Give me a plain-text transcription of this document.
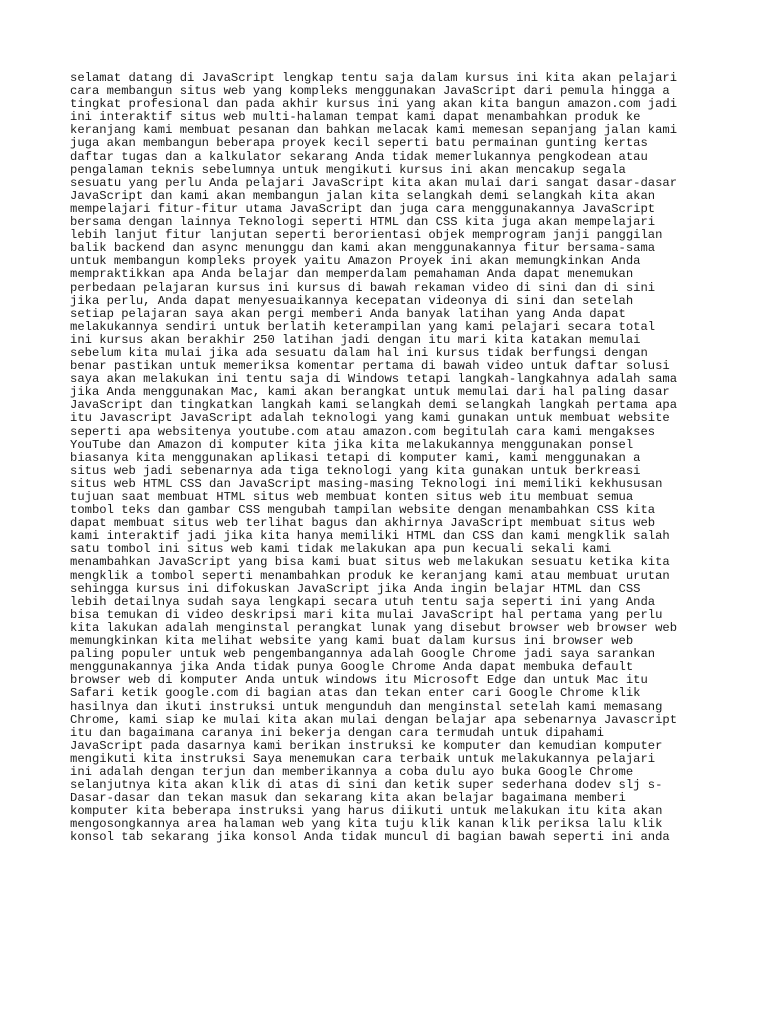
selamat datang di JavaScript lengkap tentu saja dalam kursus ini kita akan pelajari
cara membangun situs web yang kompleks menggunakan JavaScript dari pemula hingga a
tingkat profesional dan pada akhir kursus ini yang akan kita bangun amazon.com jadi
ini interaktif situs web multi-halaman tempat kami dapat menambahkan produk ke
keranjang kami membuat pesanan dan bahkan melacak kami memesan sepanjang jalan kami
juga akan membangun beberapa proyek kecil seperti batu permainan gunting kertas
daftar tugas dan a kalkulator sekarang Anda tidak memerlukannya pengkodean atau
pengalaman teknis sebelumnya untuk mengikuti kursus ini akan mencakup segala
sesuatu yang perlu Anda pelajari JavaScript kita akan mulai dari sangat dasar-dasar
JavaScript dan kami akan membangun jalan kita selangkah demi selangkah kita akan
mempelajari fitur-fitur utama JavaScript dan juga cara menggunakannya JavaScript
bersama dengan lainnya Teknologi seperti HTML dan CSS kita juga akan mempelajari
lebih lanjut fitur lanjutan seperti berorientasi objek memprogram janji panggilan
balik backend dan async menunggu dan kami akan menggunakannya fitur bersama-sama
untuk membangun kompleks proyek yaitu Amazon Proyek ini akan memungkinkan Anda
mempraktikkan apa Anda belajar dan memperdalam pemahaman Anda dapat menemukan
perbedaan pelajaran kursus ini kursus di bawah rekaman video di sini dan di sini
jika perlu, Anda dapat menyesuaikannya kecepatan videonya di sini dan setelah
setiap pelajaran saya akan pergi memberi Anda banyak latihan yang Anda dapat
melakukannya sendiri untuk berlatih keterampilan yang kami pelajari secara total
ini kursus akan berakhir 250 latihan jadi dengan itu mari kita katakan memulai
sebelum kita mulai jika ada sesuatu dalam hal ini kursus tidak berfungsi dengan
benar pastikan untuk memeriksa komentar pertama di bawah video untuk daftar solusi
saya akan melakukan ini tentu saja di Windows tetapi langkah-langkahnya adalah sama
jika Anda menggunakan Mac, kami akan berangkat untuk memulai dari hal paling dasar
JavaScript dan tingkatkan langkah kami selangkah demi selangkah langkah pertama apa
itu Javascript JavaScript adalah teknologi yang kami gunakan untuk membuat website
seperti apa websitenya youtube.com atau amazon.com begitulah cara kami mengakses
YouTube dan Amazon di komputer kita jika kita melakukannya menggunakan ponsel
biasanya kita menggunakan aplikasi tetapi di komputer kami, kami menggunakan a
situs web jadi sebenarnya ada tiga teknologi yang kita gunakan untuk berkreasi
situs web HTML CSS dan JavaScript masing-masing Teknologi ini memiliki kekhususan
tujuan saat membuat HTML situs web membuat konten situs web itu membuat semua
tombol teks dan gambar CSS mengubah tampilan website dengan menambahkan CSS kita
dapat membuat situs web terlihat bagus dan akhirnya JavaScript membuat situs web
kami interaktif jadi jika kita hanya memiliki HTML dan CSS dan kami mengklik salah
satu tombol ini situs web kami tidak melakukan apa pun kecuali sekali kami
menambahkan JavaScript yang bisa kami buat situs web melakukan sesuatu ketika kita
mengklik a tombol seperti menambahkan produk ke keranjang kami atau membuat urutan
sehingga kursus ini difokuskan JavaScript jika Anda ingin belajar HTML dan CSS
lebih detailnya sudah saya lengkapi secara utuh tentu saja seperti ini yang Anda
bisa temukan di video deskripsi mari kita mulai JavaScript hal pertama yang perlu
kita lakukan adalah menginstal perangkat lunak yang disebut browser web browser web
memungkinkan kita melihat website yang kami buat dalam kursus ini browser web
paling populer untuk web pengembangannya adalah Google Chrome jadi saya sarankan
menggunakannya jika Anda tidak punya Google Chrome Anda dapat membuka default
browser web di komputer Anda untuk windows itu Microsoft Edge dan untuk Mac itu
Safari ketik google.com di bagian atas dan tekan enter cari Google Chrome klik
hasilnya dan ikuti instruksi untuk mengunduh dan menginstal setelah kami memasang
Chrome, kami siap ke mulai kita akan mulai dengan belajar apa sebenarnya Javascript
itu dan bagaimana caranya ini bekerja dengan cara termudah untuk dipahami
JavaScript pada dasarnya kami berikan instruksi ke komputer dan kemudian komputer
mengikuti kita instruksi Saya menemukan cara terbaik untuk melakukannya pelajari
ini adalah dengan terjun dan memberikannya a coba dulu ayo buka Google Chrome
selanjutnya kita akan klik di atas di sini dan ketik super sederhana dodev slj s-
Dasar-dasar dan tekan masuk dan sekarang kita akan belajar bagaimana memberi
komputer kita beberapa instruksi yang harus diikuti untuk melakukan itu kita akan
mengosongkannya area halaman web yang kita tuju klik kanan klik periksa lalu klik
konsol tab sekarang jika konsol Anda tidak muncul di bagian bawah seperti ini anda
